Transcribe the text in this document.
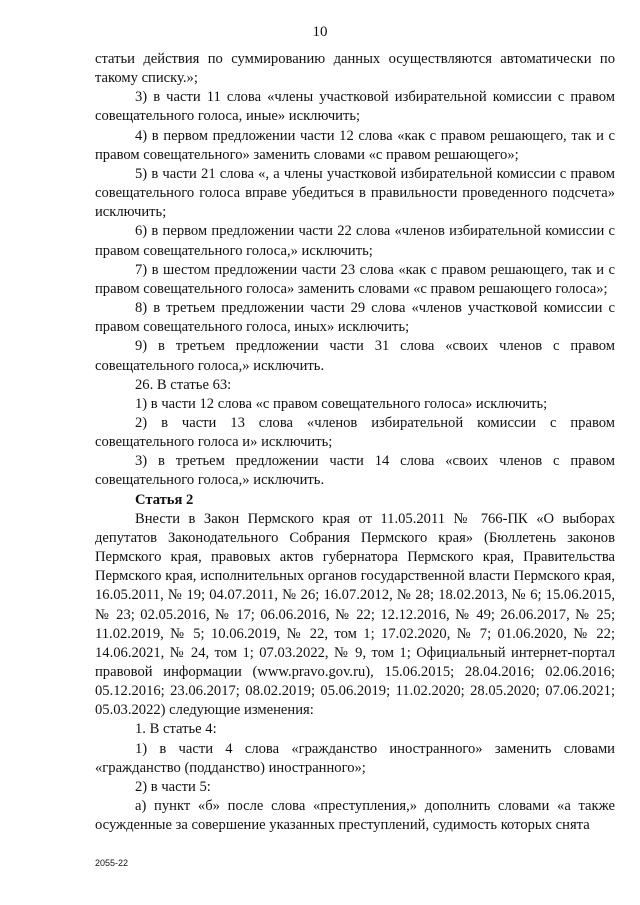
10

статьи действия по суммированию данных осуществляются автоматически по такому списку.»;

3) в части 11 слова «члены участковой избирательной комиссии с правом совещательного голоса, иные» исключить;

4) в первом предложении части 12 слова «как с правом решающего, так и с правом совещательного» заменить словами «с правом решающего»;

5) в части 21 слова «, а члены участковой избирательной комиссии с правом совещательного голоса вправе убедиться в правильности проведенного подсчета» исключить;

6) в первом предложении части 22 слова «членов избирательной комиссии с правом совещательного голоса,» исключить;

7) в шестом предложении части 23 слова «как с правом решающего, так и с правом совещательного голоса» заменить словами «с правом решающего голоса»;

8) в третьем предложении части 29 слова «членов участковой комиссии с правом совещательного голоса, иных» исключить;

9) в третьем предложении части 31 слова «своих членов с правом совещательного голоса,» исключить.

26. В статье 63:

1) в части 12 слова «с правом совещательного голоса» исключить;

2) в части 13 слова «членов избирательной комиссии с правом совещательного голоса и» исключить;

3) в третьем предложении части 14 слова «своих членов с правом совещательного голоса,» исключить.

Статья 2

Внести в Закон Пермского края от 11.05.2011 № 766-ПК «О выборах депутатов Законодательного Собрания Пермского края» (Бюллетень законов Пермского края, правовых актов губернатора Пермского края, Правительства Пермского края, исполнительных органов государственной власти Пермского края, 16.05.2011, № 19; 04.07.2011, № 26; 16.07.2012, № 28; 18.02.2013, № 6; 15.06.2015, № 23; 02.05.2016, № 17; 06.06.2016, № 22; 12.12.2016, № 49; 26.06.2017, № 25; 11.02.2019, № 5; 10.06.2019, № 22, том 1; 17.02.2020, № 7; 01.06.2020, № 22; 14.06.2021, № 24, том 1; 07.03.2022, № 9, том 1; Официальный интернет-портал правовой информации (www.pravo.gov.ru), 15.06.2015; 28.04.2016; 02.06.2016; 05.12.2016; 23.06.2017; 08.02.2019; 05.06.2019; 11.02.2020; 28.05.2020; 07.06.2021; 05.03.2022) следующие изменения:

1. В статье 4:

1) в части 4 слова «гражданство иностранного» заменить словами «гражданство (подданство) иностранного»;

2) в части 5:

а) пункт «б» после слова «преступления,» дополнить словами «а также осужденные за совершение указанных преступлений, судимость которых снята

2055-22
